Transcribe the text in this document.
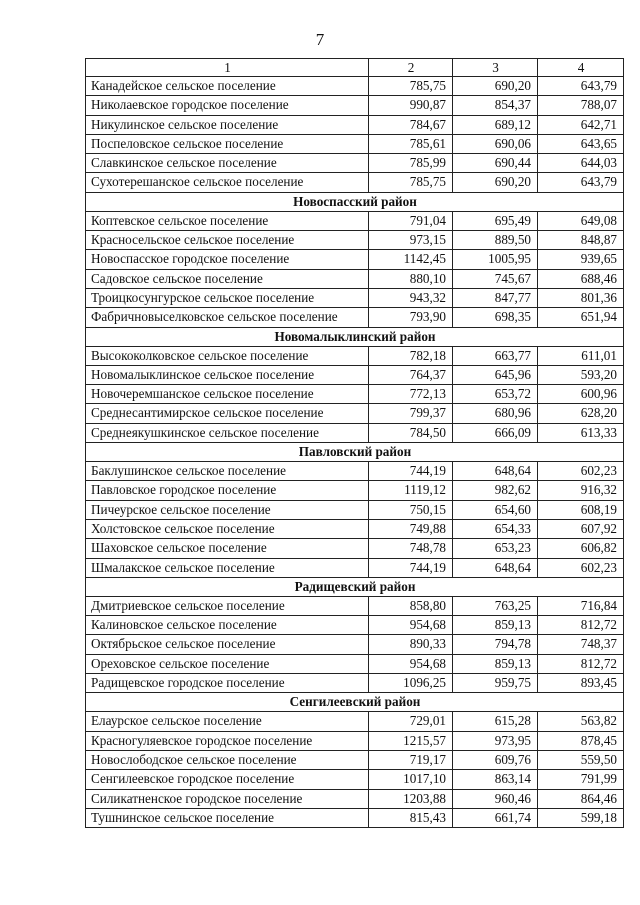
7
1	2	3	4
Канадейское сельское поселение	785,75	690,20	643,79
Николаевское городское поселение	990,87	854,37	788,07
Никулинское сельское поселение	784,67	689,12	642,71
Поспеловское сельское поселение	785,61	690,06	643,65
Славкинское сельское поселение	785,99	690,44	644,03
Сухотерешанское сельское поселение	785,75	690,20	643,79
Новоспасский район			
Коптевское сельское поселение	791,04	695,49	649,08
Красносельское сельское поселение	973,15	889,50	848,87
Новоспасское городское поселение	1142,45	1005,95	939,65
Садовское сельское поселение	880,10	745,67	688,46
Троицкосунгурское сельское поселение	943,32	847,77	801,36
Фабричновыселковское сельское поселение	793,90	698,35	651,94
Новомалыклинский район			
Высококолковское сельское поселение	782,18	663,77	611,01
Новомалыклинское сельское поселение	764,37	645,96	593,20
Новочеремшанское сельское поселение	772,13	653,72	600,96
Среднесантимирское сельское поселение	799,37	680,96	628,20
Среднеякушкинское сельское поселение	784,50	666,09	613,33
Павловский район			
Баклушинское сельское поселение	744,19	648,64	602,23
Павловское городское поселение	1119,12	982,62	916,32
Пичеурское сельское поселение	750,15	654,60	608,19
Холстовское сельское поселение	749,88	654,33	607,92
Шаховское сельское поселение	748,78	653,23	606,82
Шмалакское сельское поселение	744,19	648,64	602,23
Радищевский район			
Дмитриевское сельское поселение	858,80	763,25	716,84
Калиновское сельское поселение	954,68	859,13	812,72
Октябрьское сельское поселение	890,33	794,78	748,37
Ореховское сельское поселение	954,68	859,13	812,72
Радищевское городское поселение	1096,25	959,75	893,45
Сенгилеевский район			
Елаурское сельское поселение	729,01	615,28	563,82
Красногуляевское городское поселение	1215,57	973,95	878,45
Новослободское сельское поселение	719,17	609,76	559,50
Сенгилеевское городское поселение	1017,10	863,14	791,99
Силикатненское городское поселение	1203,88	960,46	864,46
Тушнинское сельское поселение	815,43	661,74	599,18
